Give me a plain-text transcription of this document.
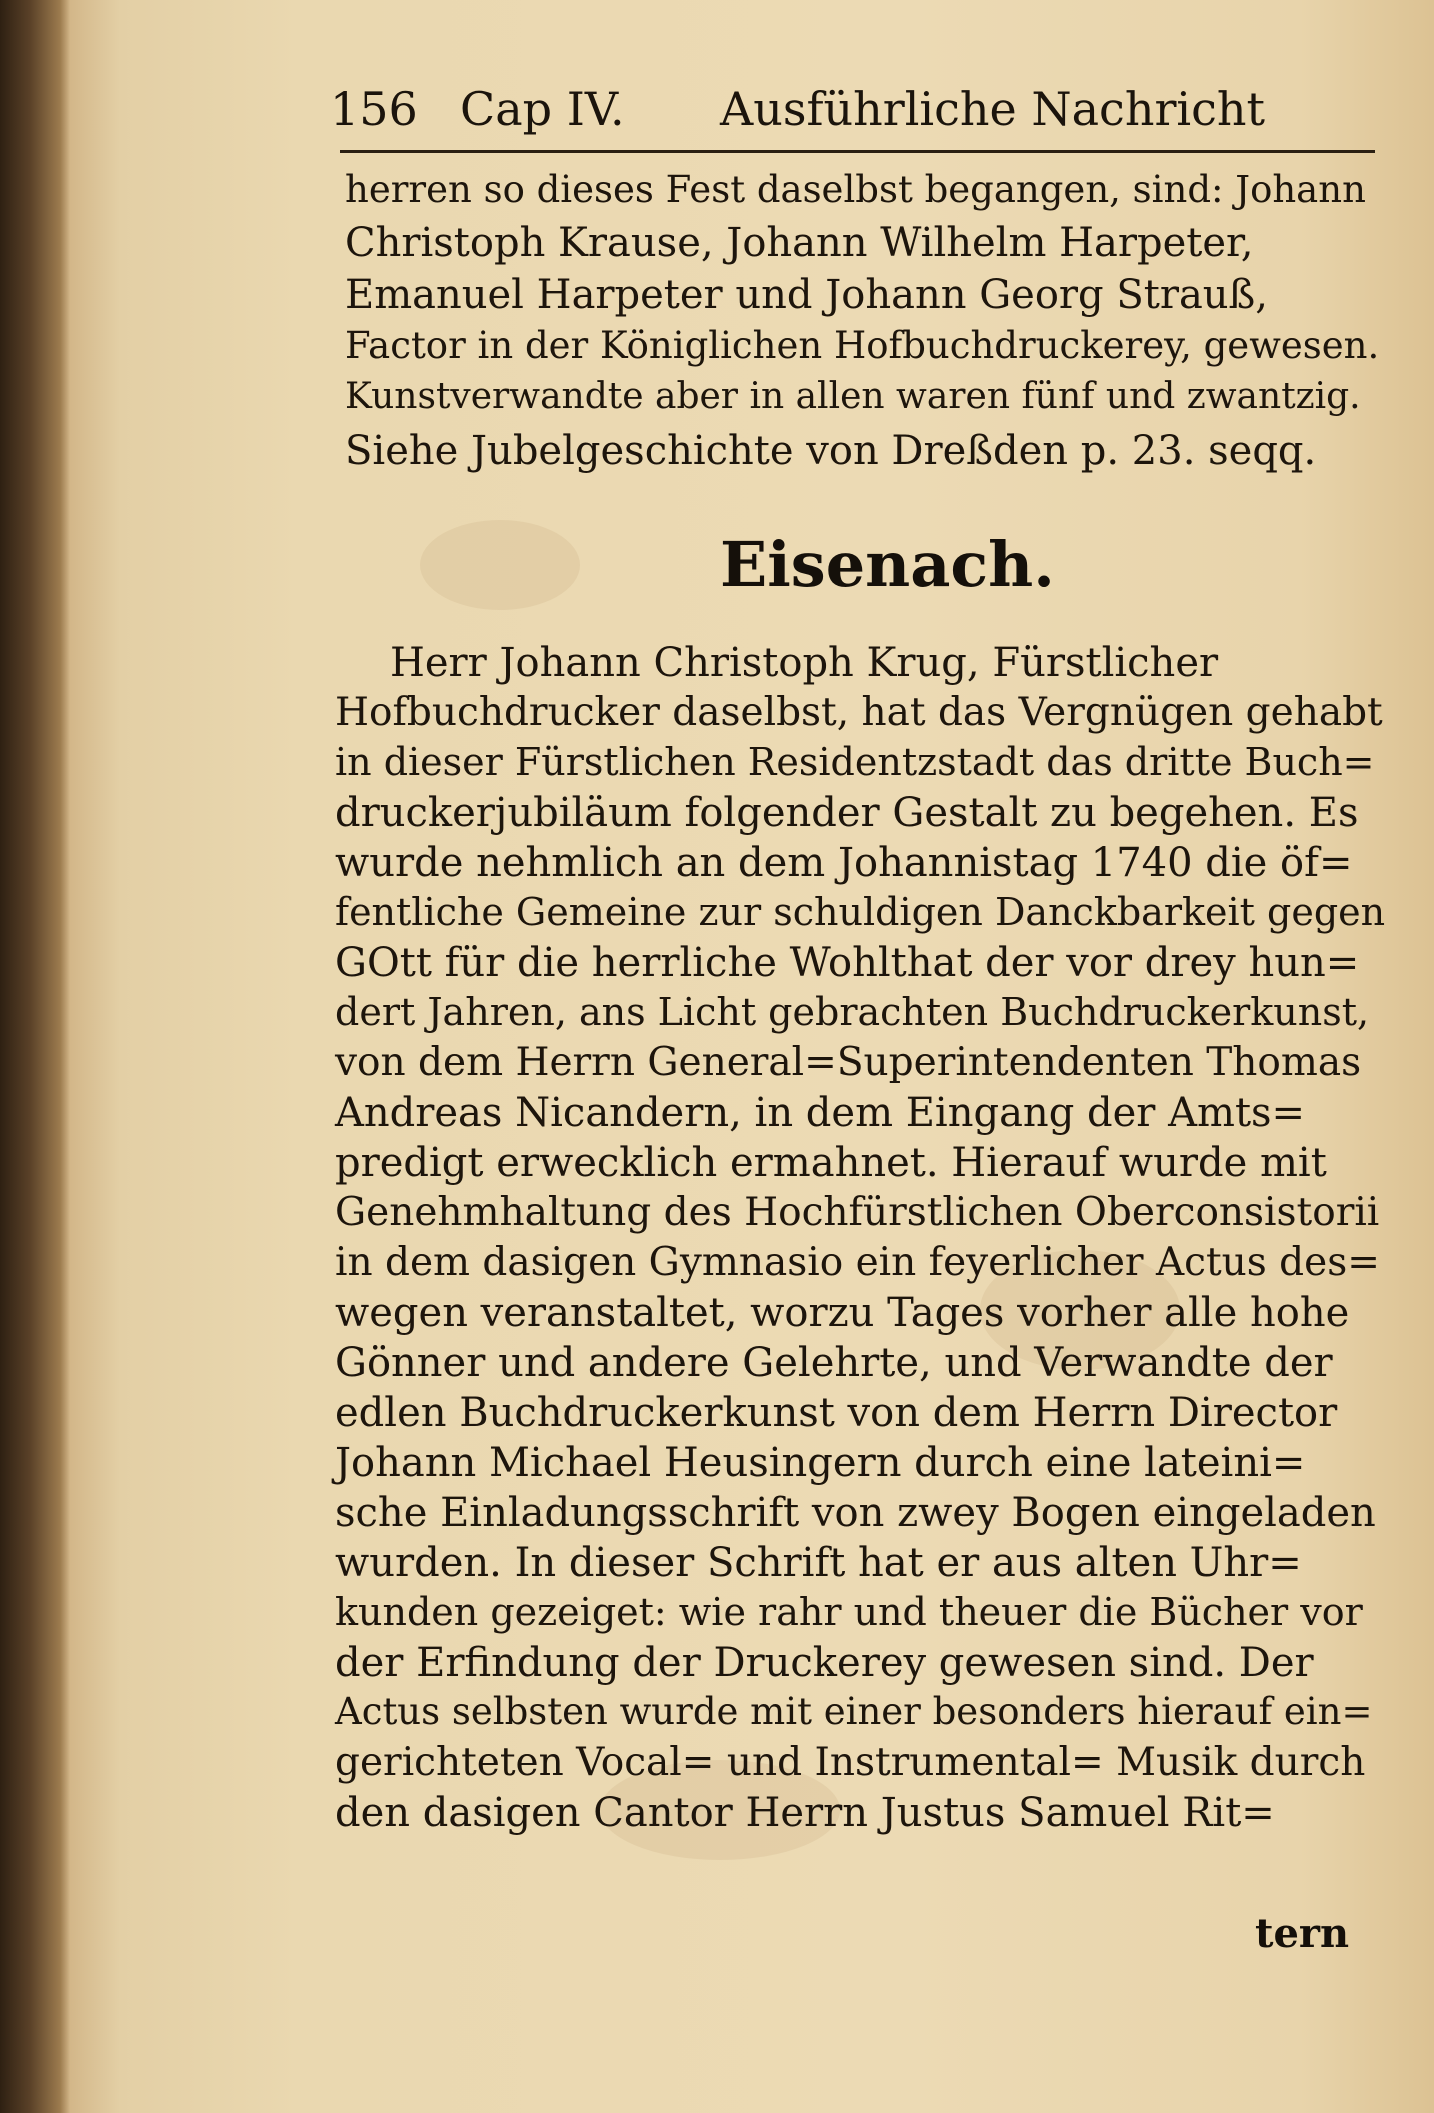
156 Cap IV. Ausführliche Nachricht
herren so dieses Fest daselbst begangen, sind: Johann
Christoph Krause, Johann Wilhelm Harpeter,
Emanuel Harpeter und Johann Georg Strauß,
Factor in der Königlichen Hofbuchdruckerey, gewesen.
Kunstverwandte aber in allen waren fünf und zwantzig.
Siehe Jubelgeschichte von Dreßden p. 23. seqq.
Eisenach.
Herr Johann Christoph Krug, Fürstlicher
Hofbuchdrucker daselbst, hat das Vergnügen gehabt
in dieser Fürstlichen Residentzstadt das dritte Buch=
druckerjubiläum folgender Gestalt zu begehen. Es
wurde nehmlich an dem Johannistag 1740 die öf=
fentliche Gemeine zur schuldigen Danckbarkeit gegen
GOtt für die herrliche Wohlthat der vor drey hun=
dert Jahren, ans Licht gebrachten Buchdruckerkunst,
von dem Herrn General=Superintendenten Thomas
Andreas Nicandern, in dem Eingang der Amts=
predigt erwecklich ermahnet. Hierauf wurde mit
Genehmhaltung des Hochfürstlichen Oberconsistorii
in dem dasigen Gymnasio ein feyerlicher Actus des=
wegen veranstaltet, worzu Tages vorher alle hohe
Gönner und andere Gelehrte, und Verwandte der
edlen Buchdruckerkunst von dem Herrn Director
Johann Michael Heusingern durch eine lateini=
sche Einladungsschrift von zwey Bogen eingeladen
wurden. In dieser Schrift hat er aus alten Uhr=
kunden gezeiget: wie rahr und theuer die Bücher vor
der Erfindung der Druckerey gewesen sind. Der
Actus selbsten wurde mit einer besonders hierauf ein=
gerichteten Vocal= und Instrumental= Musik durch
den dasigen Cantor Herrn Justus Samuel Rit=
tern
